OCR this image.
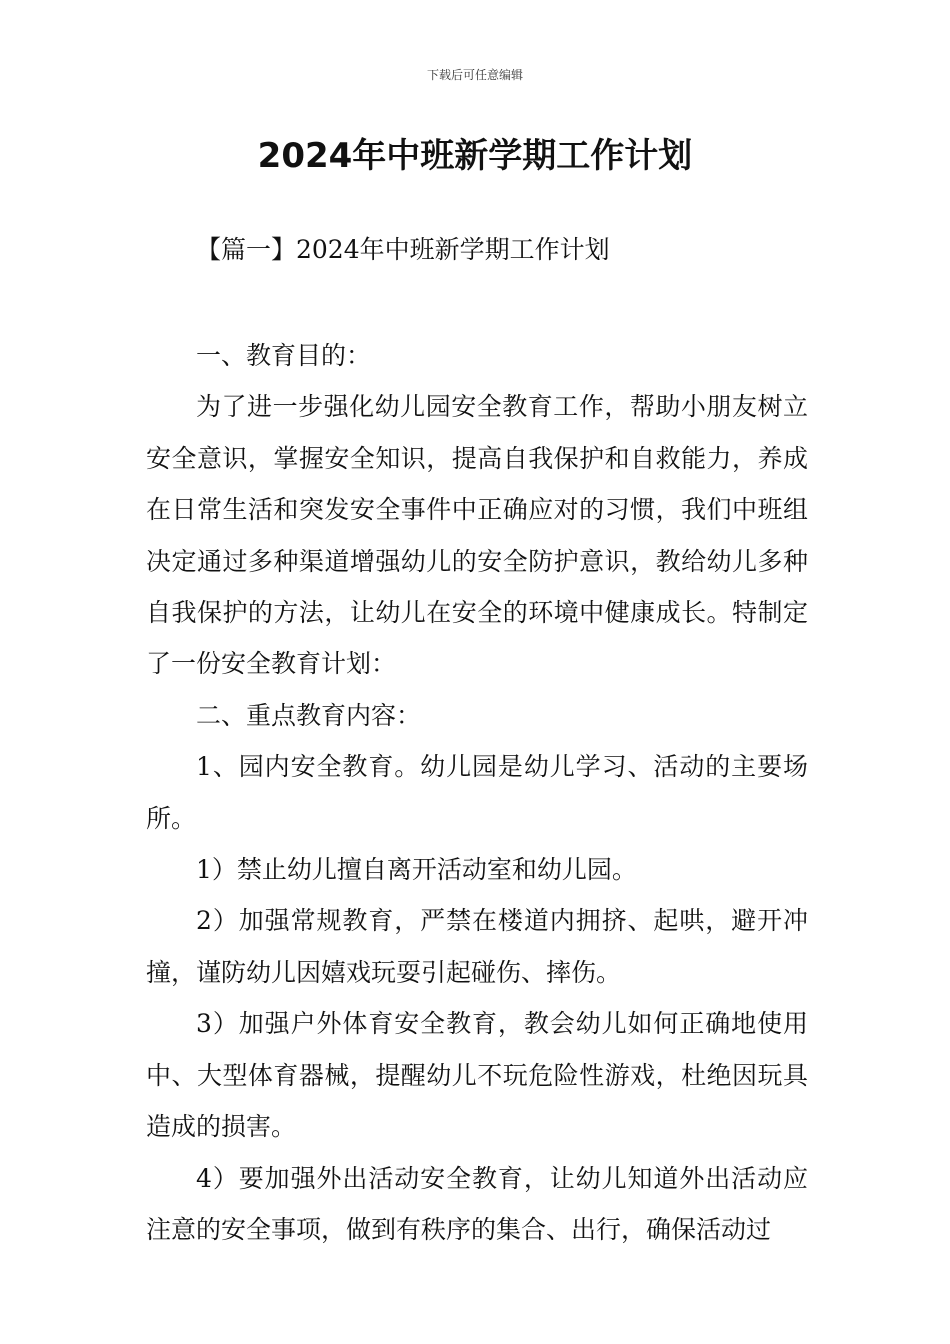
下载后可任意编辑
2024年中班新学期工作计划
【篇一】2024年中班新学期工作计划

一、教育目的：

为了进一步强化幼儿园安全教育工作，帮助小朋友树立安全意识，掌握安全知识，提高自我保护和自救能力，养成在日常生活和突发安全事件中正确应对的习惯，我们中班组决定通过多种渠道增强幼儿的安全防护意识，教给幼儿多种自我保护的方法，让幼儿在安全的环境中健康成长。特制定了一份安全教育计划：

二、重点教育内容：

1、园内安全教育。幼儿园是幼儿学习、活动的主要场所。

1）禁止幼儿擅自离开活动室和幼儿园。

2）加强常规教育，严禁在楼道内拥挤、起哄，避开冲撞，谨防幼儿因嬉戏玩耍引起碰伤、摔伤。

3）加强户外体育安全教育，教会幼儿如何正确地使用中、大型体育器械，提醒幼儿不玩危险性游戏，杜绝因玩具造成的损害。

4）要加强外出活动安全教育，让幼儿知道外出活动应注意的安全事项，做到有秩序的集合、出行，确保活动过
